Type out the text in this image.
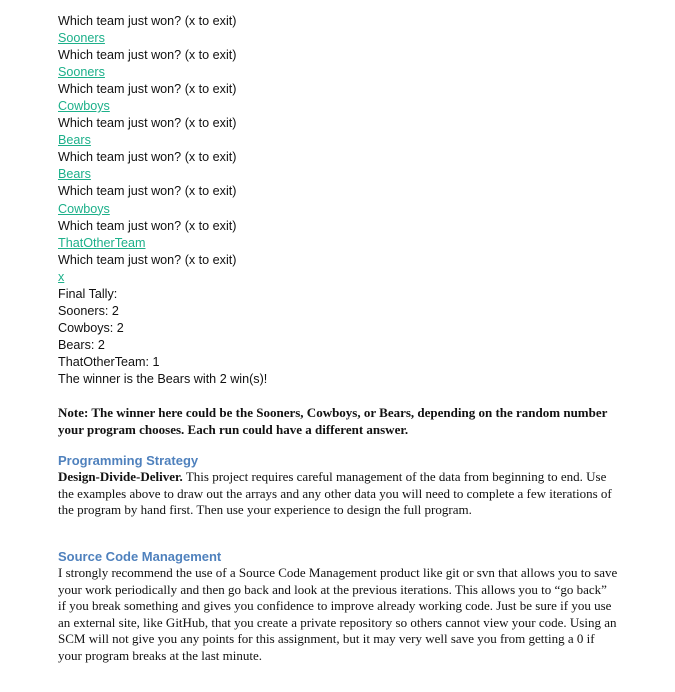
Which team just won? (x to exit)
Sooners
Which team just won? (x to exit)
Sooners
Which team just won? (x to exit)
Cowboys
Which team just won? (x to exit)
Bears
Which team just won? (x to exit)
Bears
Which team just won? (x to exit)
Cowboys
Which team just won? (x to exit)
ThatOtherTeam
Which team just won? (x to exit)
x
Final Tally:
Sooners: 2
Cowboys: 2
Bears: 2
ThatOtherTeam: 1
The winner is the Bears with 2 win(s)!
Note: The winner here could be the Sooners, Cowboys, or Bears, depending on the random number your program chooses. Each run could have a different answer.
Programming Strategy

Design-Divide-Deliver. This project requires careful management of the data from beginning to end. Use the examples above to draw out the arrays and any other data you will need to complete a few iterations of the program by hand first. Then use your experience to design the full program.

Source Code Management

I strongly recommend the use of a Source Code Management product like git or svn that allows you to save your work periodically and then go back and look at the previous iterations. This allows you to “go back” if you break something and gives you confidence to improve already working code. Just be sure if you use an external site, like GitHub, that you create a private repository so others cannot view your code. Using an SCM will not give you any points for this assignment, but it may very well save you from getting a 0 if your program breaks at the last minute.
